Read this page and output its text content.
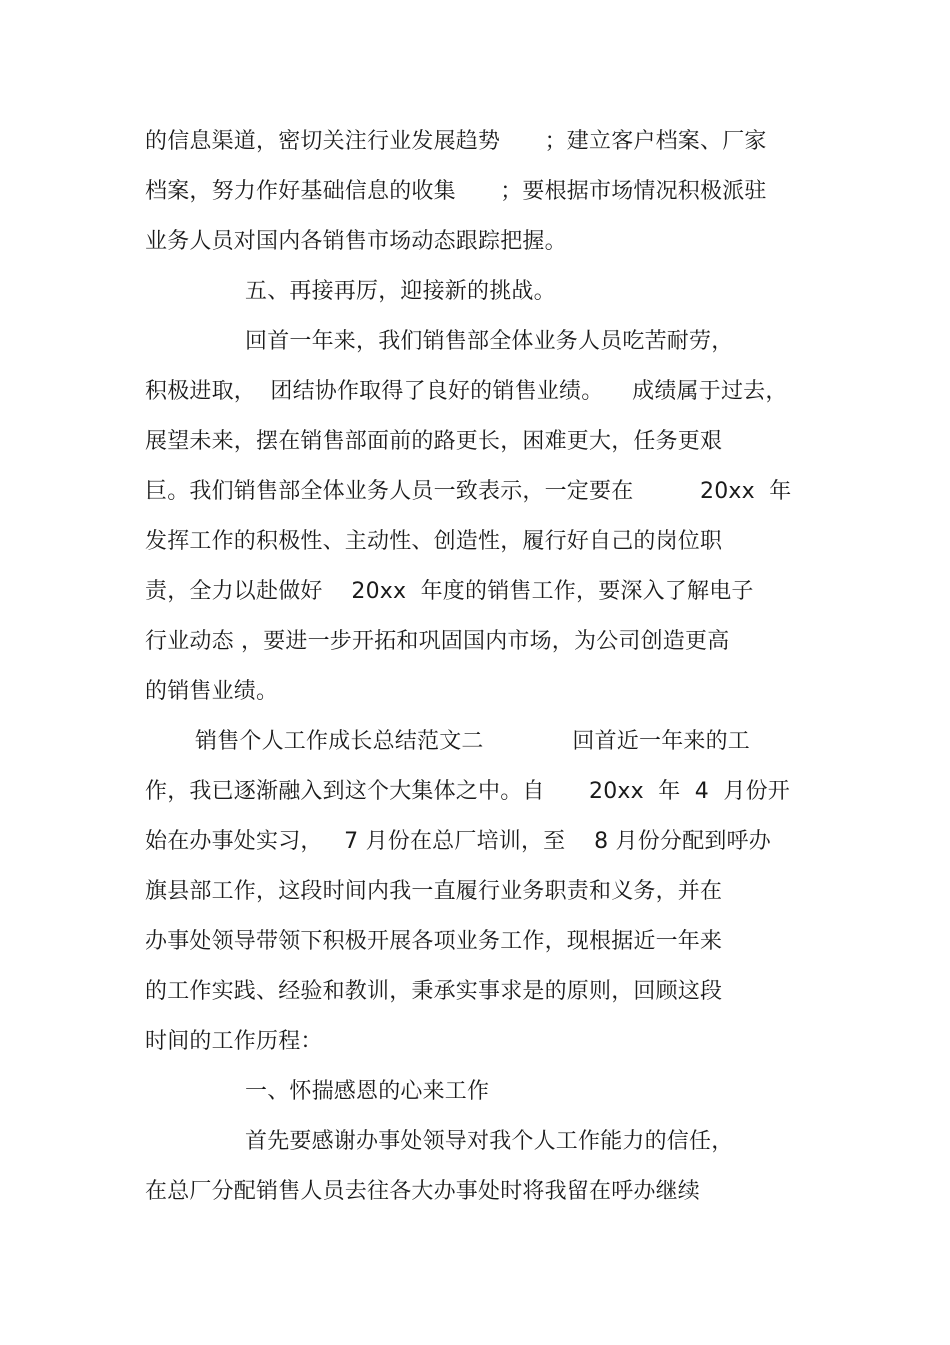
的信息渠道，密切关注行业发展趋势　　；建立客户档案、厂家
档案，努力作好基础信息的收集　　；要根据市场情况积极派驻
业务人员对国内各销售市场动态跟踪把握。
五、再接再厉，迎接新的挑战。
回首一年来，我们销售部全体业务人员吃苦耐劳，
积极进取，  团结协作取得了良好的销售业绩。    成绩属于过去，
展望未来，摆在销售部面前的路更长，困难更大，任务更艰
巨。我们销售部全体业务人员一致表示，一定要在　　　20xx  年
发挥工作的积极性、主动性、创造性，履行好自己的岗位职
责，全力以赴做好    20xx  年度的销售工作，要深入了解电子
行业动态 ，要进一步开拓和巩固国内市场，为公司创造更高
的销售业绩。
销售个人工作成长总结范文二　　　　回首近一年来的工
作，我已逐渐融入到这个大集体之中。自　　20xx  年  4  月份开
始在办事处实习，   7 月份在总厂培训，至    8 月份分配到呼办
旗县部工作，这段时间内我一直履行业务职责和义务，并在
办事处领导带领下积极开展各项业务工作，现根据近一年来
的工作实践、经验和教训，秉承实事求是的原则，回顾这段
时间的工作历程：
一、怀揣感恩的心来工作
首先要感谢办事处领导对我个人工作能力的信任，
在总厂分配销售人员去往各大办事处时将我留在呼办继续
